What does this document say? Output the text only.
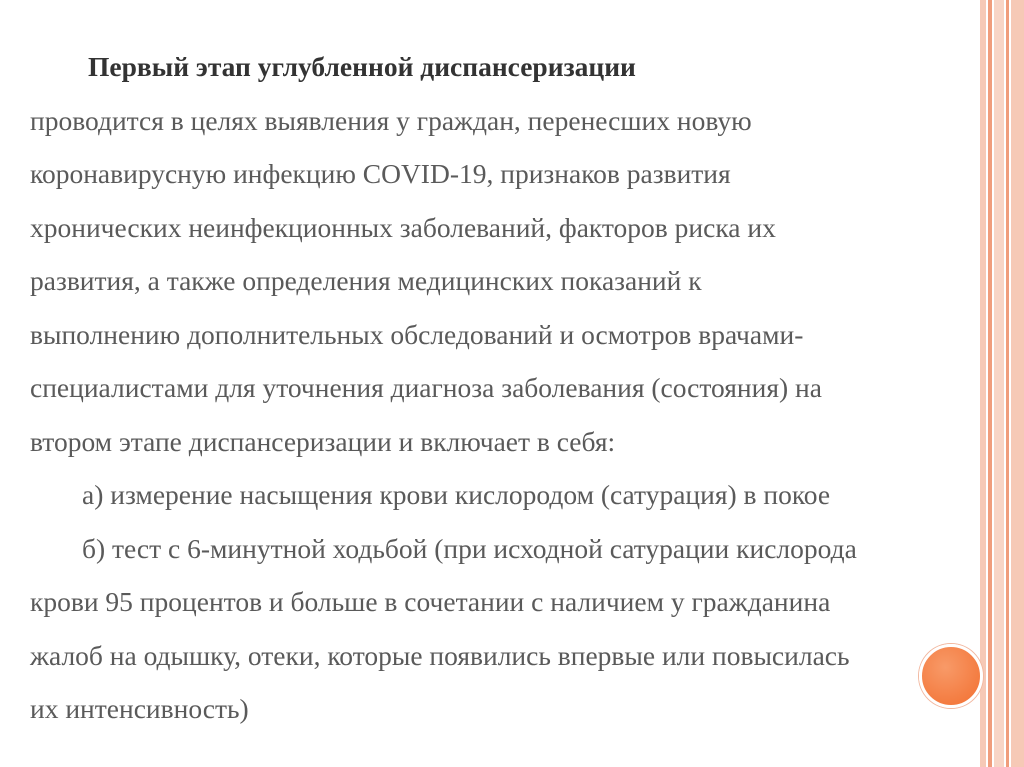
Первый этап углубленной диспансеризации
проводится в целях выявления у граждан, перенесших новую
коронавирусную инфекцию COVID-19, признаков развития
хронических неинфекционных заболеваний, факторов риска их
развития, а также определения медицинских показаний к
выполнению дополнительных обследований и осмотров врачами-
специалистами для уточнения диагноза заболевания (состояния) на
втором этапе диспансеризации и включает в себя:
а) измерение насыщения крови кислородом (сатурация) в покое
б) тест с 6-минутной ходьбой (при исходной сатурации кислорода
крови 95 процентов и больше в сочетании с наличием у гражданина
жалоб на одышку, отеки, которые появились впервые или повысилась
их интенсивность)
